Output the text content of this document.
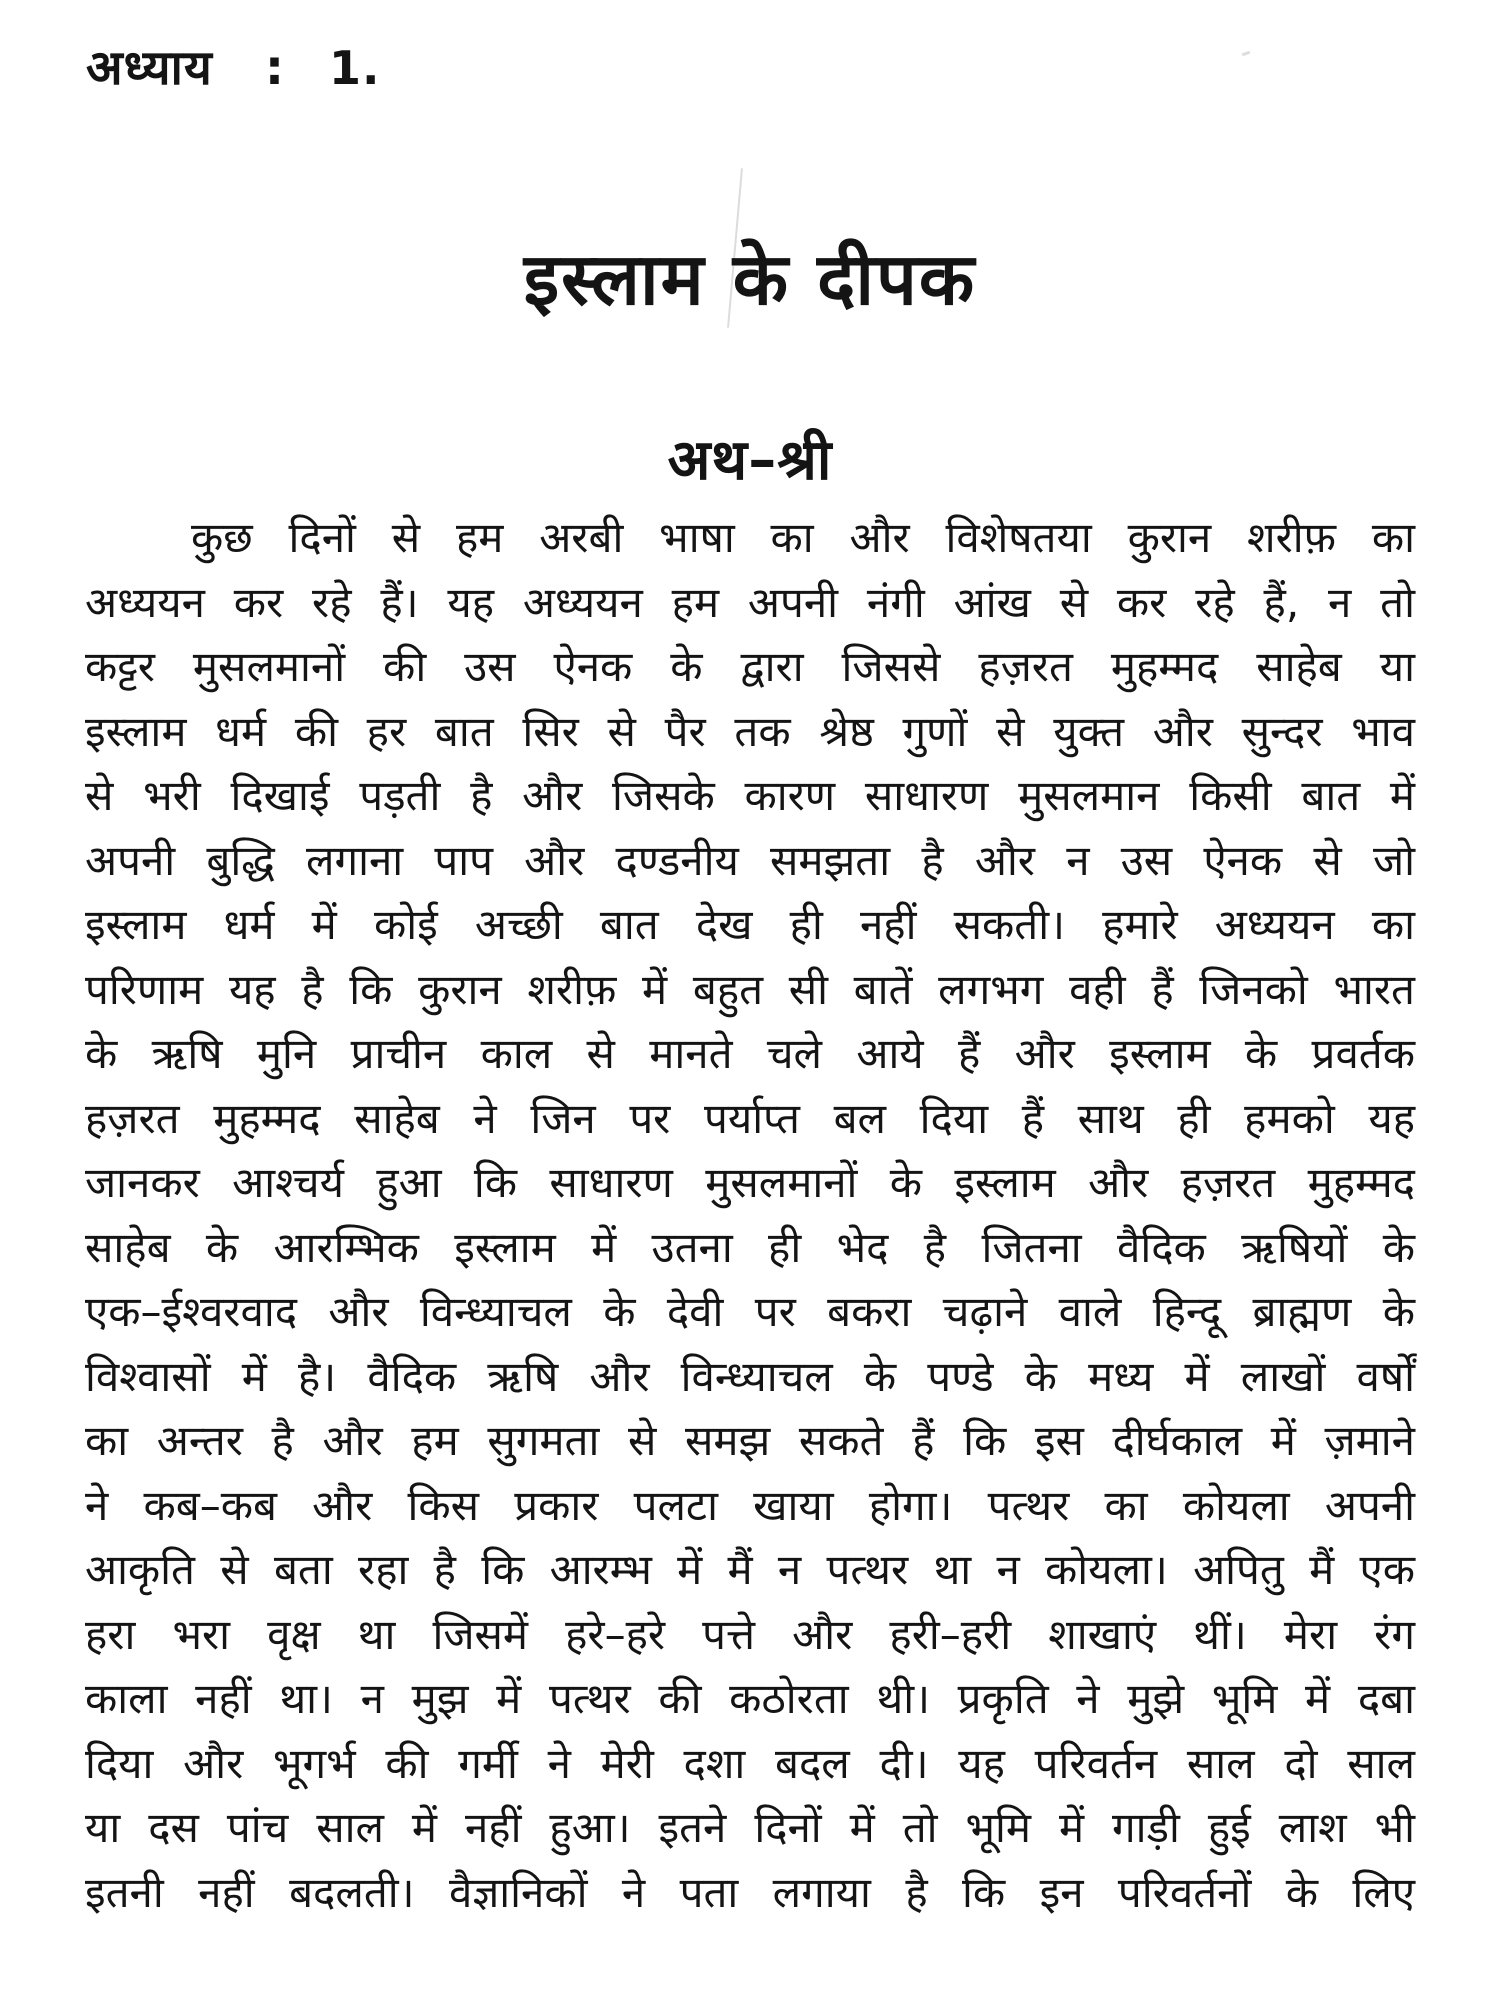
अध्याय : 1.
इस्लाम के दीपक
अथ–श्री
कुछ दिनों से हम अरबी भाषा का और विशेषतया कुरान शरीफ़ का
अध्ययन कर रहे हैं। यह अध्ययन हम अपनी नंगी आंख से कर रहे हैं, न तो
कट्टर मुसलमानों की उस ऐनक के द्वारा जिससे हज़रत मुहम्मद साहेब या
इस्लाम धर्म की हर बात सिर से पैर तक श्रेष्ठ गुणों से युक्त और सुन्दर भाव
से भरी दिखाई पड़ती है और जिसके कारण साधारण मुसलमान किसी बात में
अपनी बुद्धि लगाना पाप और दण्डनीय समझता है और न उस ऐनक से जो
इस्लाम धर्म में कोई अच्छी बात देख ही नहीं सकती। हमारे अध्ययन का
परिणाम यह है कि कुरान शरीफ़ में बहुत सी बातें लगभग वही हैं जिनको भारत
के ऋषि मुनि प्राचीन काल से मानते चले आये हैं और इस्लाम के प्रवर्तक
हज़रत मुहम्मद साहेब ने जिन पर पर्याप्त बल दिया हैं साथ ही हमको यह
जानकर आश्चर्य हुआ कि साधारण मुसलमानों के इस्लाम और हज़रत मुहम्मद
साहेब के आरम्भिक इस्लाम में उतना ही भेद है जितना वैदिक ऋषियों के
एक–ईश्वरवाद और विन्ध्याचल के देवी पर बकरा चढ़ाने वाले हिन्दू ब्राह्मण के
विश्वासों में है। वैदिक ऋषि और विन्ध्याचल के पण्डे के मध्य में लाखों वर्षों
का अन्तर है और हम सुगमता से समझ सकते हैं कि इस दीर्घकाल में ज़माने
ने कब–कब और किस प्रकार पलटा खाया होगा। पत्थर का कोयला अपनी
आकृति से बता रहा है कि आरम्भ में मैं न पत्थर था न कोयला। अपितु मैं एक
हरा भरा वृक्ष था जिसमें हरे–हरे पत्ते और हरी–हरी शाखाएं थीं। मेरा रंग
काला नहीं था। न मुझ में पत्थर की कठोरता थी। प्रकृति ने मुझे भूमि में दबा
दिया और भूगर्भ की गर्मी ने मेरी दशा बदल दी। यह परिवर्तन साल दो साल
या दस पांच साल में नहीं हुआ। इतने दिनों में तो भूमि में गाड़ी हुई लाश भी
इतनी नहीं बदलती। वैज्ञानिकों ने पता लगाया है कि इन परिवर्तनों के लिए
